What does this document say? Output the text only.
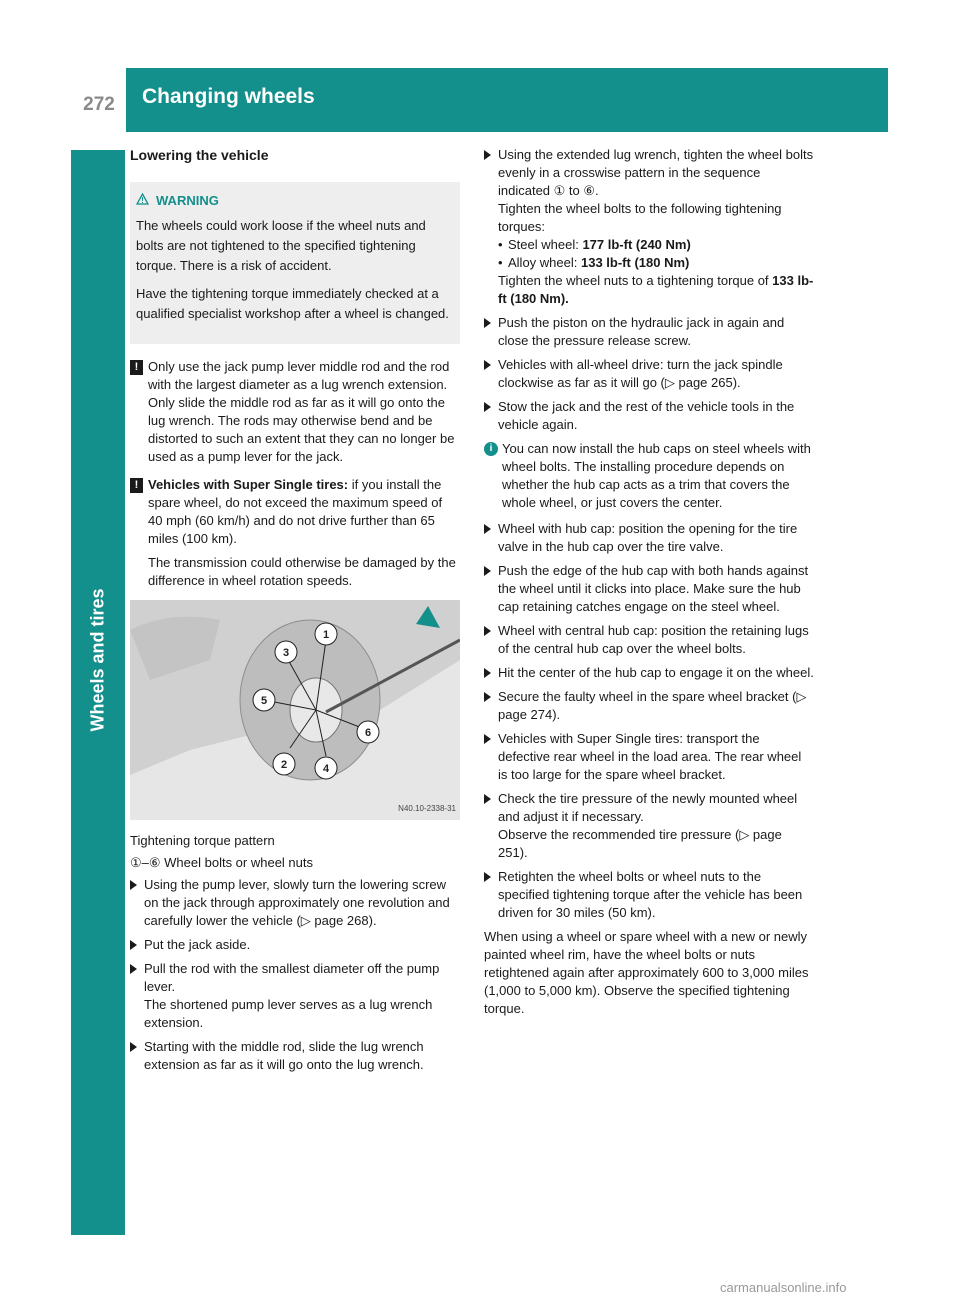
272	Changing wheels
Wheels and tires
Lowering the vehicle
WARNING

The wheels could work loose if the wheel nuts and bolts are not tightened to the specified tightening torque. There is a risk of accident.

Have the tightening torque immediately checked at a qualified specialist workshop after a wheel is changed.

! Only use the jack pump lever middle rod and the rod with the largest diameter as a lug wrench extension. Only slide the middle rod as far as it will go onto the lug wrench. The rods may otherwise bend and be distorted to such an extent that they can no longer be used as a pump lever for the jack.

! Vehicles with Super Single tires: if you install the spare wheel, do not exceed the maximum speed of 40 mph (60 km/h) and do not drive further than 65 miles (100 km).

The transmission could otherwise be damaged by the difference in wheel rotation speeds.

1
2
3
4
5
6
N40.10-2338-31

Tightening torque pattern

①–⑥ Wheel bolts or wheel nuts

Using the pump lever, slowly turn the lowering screw on the jack through approximately one revolution and carefully lower the vehicle (▷ page 268).

Put the jack aside.

Pull the rod with the smallest diameter off the pump lever.
The shortened pump lever serves as a lug wrench extension.

Starting with the middle rod, slide the lug wrench extension as far as it will go onto the lug wrench.

Using the extended lug wrench, tighten the wheel bolts evenly in a crosswise pattern in the sequence indicated ① to ⑥.

Tighten the wheel bolts to the following tightening torques:

• Steel wheel: 177 lb-ft (240 Nm)

• Alloy wheel: 133 lb-ft (180 Nm)

Tighten the wheel nuts to a tightening torque of 133 lb-ft (180 Nm).

Push the piston on the hydraulic jack in again and close the pressure release screw.

Vehicles with all-wheel drive: turn the jack spindle clockwise as far as it will go (▷ page 265).

Stow the jack and the rest of the vehicle tools in the vehicle again.

i You can now install the hub caps on steel wheels with wheel bolts. The installing procedure depends on whether the hub cap acts as a trim that covers the whole wheel, or just covers the center.

Wheel with hub cap: position the opening for the tire valve in the hub cap over the tire valve.

Push the edge of the hub cap with both hands against the wheel until it clicks into place. Make sure the hub cap retaining catches engage on the steel wheel.

Wheel with central hub cap: position the retaining lugs of the central hub cap over the wheel bolts.

Hit the center of the hub cap to engage it on the wheel.

Secure the faulty wheel in the spare wheel bracket (▷ page 274).

Vehicles with Super Single tires: transport the defective rear wheel in the load area. The rear wheel is too large for the spare wheel bracket.

Check the tire pressure of the newly mounted wheel and adjust it if necessary.

Observe the recommended tire pressure (▷ page 251).

Retighten the wheel bolts or wheel nuts to the specified tightening torque after the vehicle has been driven for 30 miles (50 km).

When using a wheel or spare wheel with a new or newly painted wheel rim, have the wheel bolts or nuts retightened again after approximately 600 to 3,000 miles (1,000 to 5,000 km). Observe the specified tightening torque.

carmanualsonline.info
